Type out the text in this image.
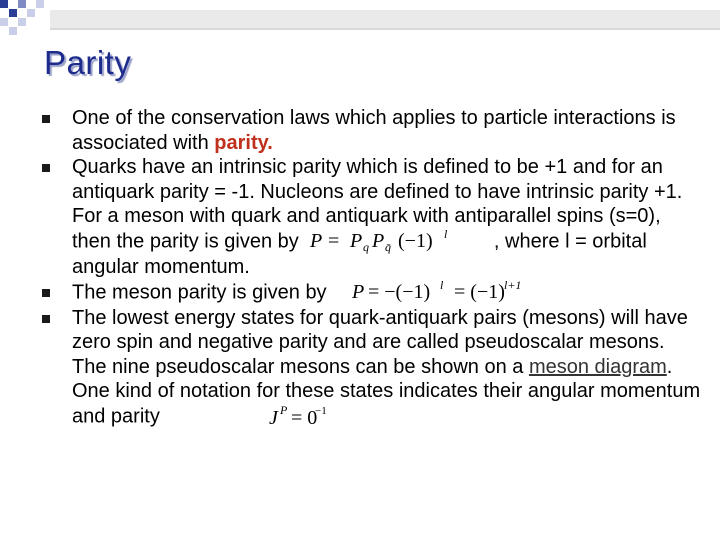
Parity
One of the conservation laws which applies to particle interactions is associated with parity.
Quarks have an intrinsic parity which is defined to be +1 and for an antiquark parity = -1. Nucleons are defined to have intrinsic parity +1. For a meson with quark and antiquark with antiparallel spins (s=0), then the parity is given by P = P q P q̄ (−1) l , where l = orbital angular momentum.
The meson parity is given by P = −(−1) l = (−1) l+1
The lowest energy states for quark-antiquark pairs (mesons) will have zero spin and negative parity and are called pseudoscalar mesons. The nine pseudoscalar mesons can be shown on a meson diagram. One kind of notation for these states indicates their angular momentum and parity	J P = 0
−1
